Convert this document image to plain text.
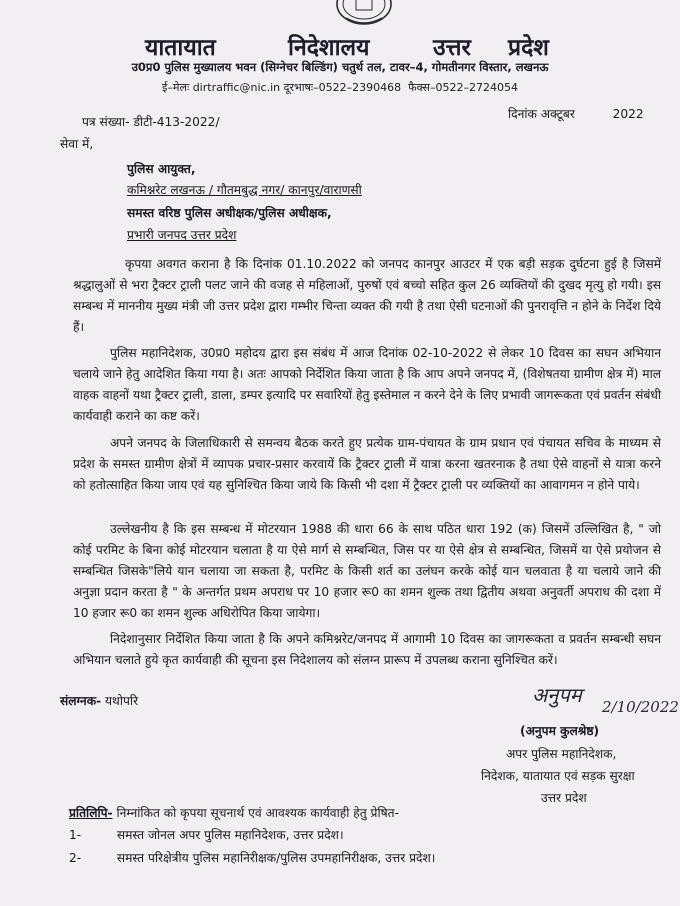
यातायात	निदेशालय	उत्तर प्रदेश
उ0प्र0 पुलिस मुख्यालय भवन (सिग्नेचर बिल्डिंग) चतुर्थ तल, टावर–4, गोमतीनगर विस्तार, लखनऊ
ई–मेलः dirtraffic@nic.in दूरभाषः–0522–2390468 फैक्स–0522–2724054
पत्र संख्या- डीटी-413-2022/
दिनांक अक्टूबर	2022
सेवा में,
पुलिस आयुक्त,
कमिश्नरेट लखनऊ / गौतमबुद्ध नगर/ कानपुर/वाराणसी
समस्त वरिष्ठ पुलिस अधीक्षक/पुलिस अधीक्षक,
प्रभारी जनपद उत्तर प्रदेश
कृपया अवगत कराना है कि दिनांक 01.10.2022 को जनपद कानपुर आउटर में एक बड़ी सड़क दुर्घटना हुई है जिसमें श्रद्धालुओं से भरा ट्रैक्टर ट्राली पलट जाने की वजह से महिलाओं, पुरुषों एवं बच्चो सहित कुल 26 व्यक्तियों की दुखद मृत्यु हो गयी। इस सम्बन्ध में माननीय मुख्य मंत्री जी उत्तर प्रदेश द्वारा गम्भीर चिन्ता व्यक्त की गयी है तथा ऐसी घटनाओं की पुनरावृत्ति न होने के निर्देश दिये हैं।
पुलिस महानिदेशक, उ0प्र0 महोदय द्वारा इस संबंध में आज दिनांक 02-10-2022 से लेकर 10 दिवस का सघन अभियान चलाये जाने हेतु आदेशित किया गया है। अतः आपको निर्देशित किया जाता है कि आप अपने जनपद में, (विशेषतया ग्रामीण क्षेत्र में) माल वाहक वाहनों यथा ट्रैक्टर ट्राली, डाला, डम्पर इत्यादि पर सवारियों हेतु इस्तेमाल न करने देने के लिए प्रभावी जागरूकता एवं प्रवर्तन संबंधी कार्यवाही कराने का कष्ट करें।
अपने जनपद के जिलाधिकारी से समन्वय बैठक करते हुए प्रत्येक ग्राम-पंचायत के ग्राम प्रधान एवं पंचायत सचिव के माध्यम से प्रदेश के समस्त ग्रामीण क्षेत्रों में व्यापक प्रचार-प्रसार करवायें कि ट्रैक्टर ट्राली में यात्रा करना खतरनाक है तथा ऐसे वाहनों से यात्रा करने को हतोत्साहित किया जाय एवं यह सुनिश्चित किया जाये कि किसी भी दशा में ट्रैक्टर ट्राली पर व्यक्तियों का आवागमन न होने पाये।
उल्लेखनीय है कि इस सम्बन्ध में मोटरयान 1988 की धारा 66 के साथ पठित धारा 192 (क) जिसमें उल्लिखित है, " जो कोई परमिट के बिना कोई मोटरयान चलाता है या ऐसे मार्ग से सम्बन्धित, जिस पर या ऐसे क्षेत्र से सम्बन्धित, जिसमें या ऐसे प्रयोजन से सम्बन्धित जिसके"लिये यान चलाया जा सकता है, परमिट के किसी शर्त का उलंघन करके कोई यान चलवाता है या चलाये जाने की अनुज्ञा प्रदान करता है " के अन्तर्गत प्रथम अपराध पर 10 हजार रू0 का शमन शुल्क तथा द्वितीय अथवा अनुवर्ती अपराध की दशा में 10 हजार रू0 का शमन शुल्क अधिरोपित किया जायेगा।
निदेशानुसार निर्देशित किया जाता है कि अपने कमिश्नरेट/जनपद में आगामी 10 दिवस का जागरूकता व प्रवर्तन सम्बन्धी सघन अभियान चलाते हुये कृत कार्यवाही की सूचना इस निदेशालय को संलग्न प्रारूप में उपलब्ध कराना सुनिश्चित करें।
संलग्नक- यथोपरि	अनुपम 2/10/2022
(अनुपम कुलश्रेष्ठ)
अपर पुलिस महानिदेशक,
निदेशक, यातायात एवं सड़क सुरक्षा
उत्तर प्रदेश
प्रतिलिपि- निम्नांकित को कृपया सूचनार्थ एवं आवश्यक कार्यवाही हेतु प्रेषित-
1-	समस्त जोनल अपर पुलिस महानिदेशक, उत्तर प्रदेश।
2-	समस्त परिक्षेत्रीय पुलिस महानिरीक्षक/पुलिस उपमहानिरीक्षक, उत्तर प्रदेश।
